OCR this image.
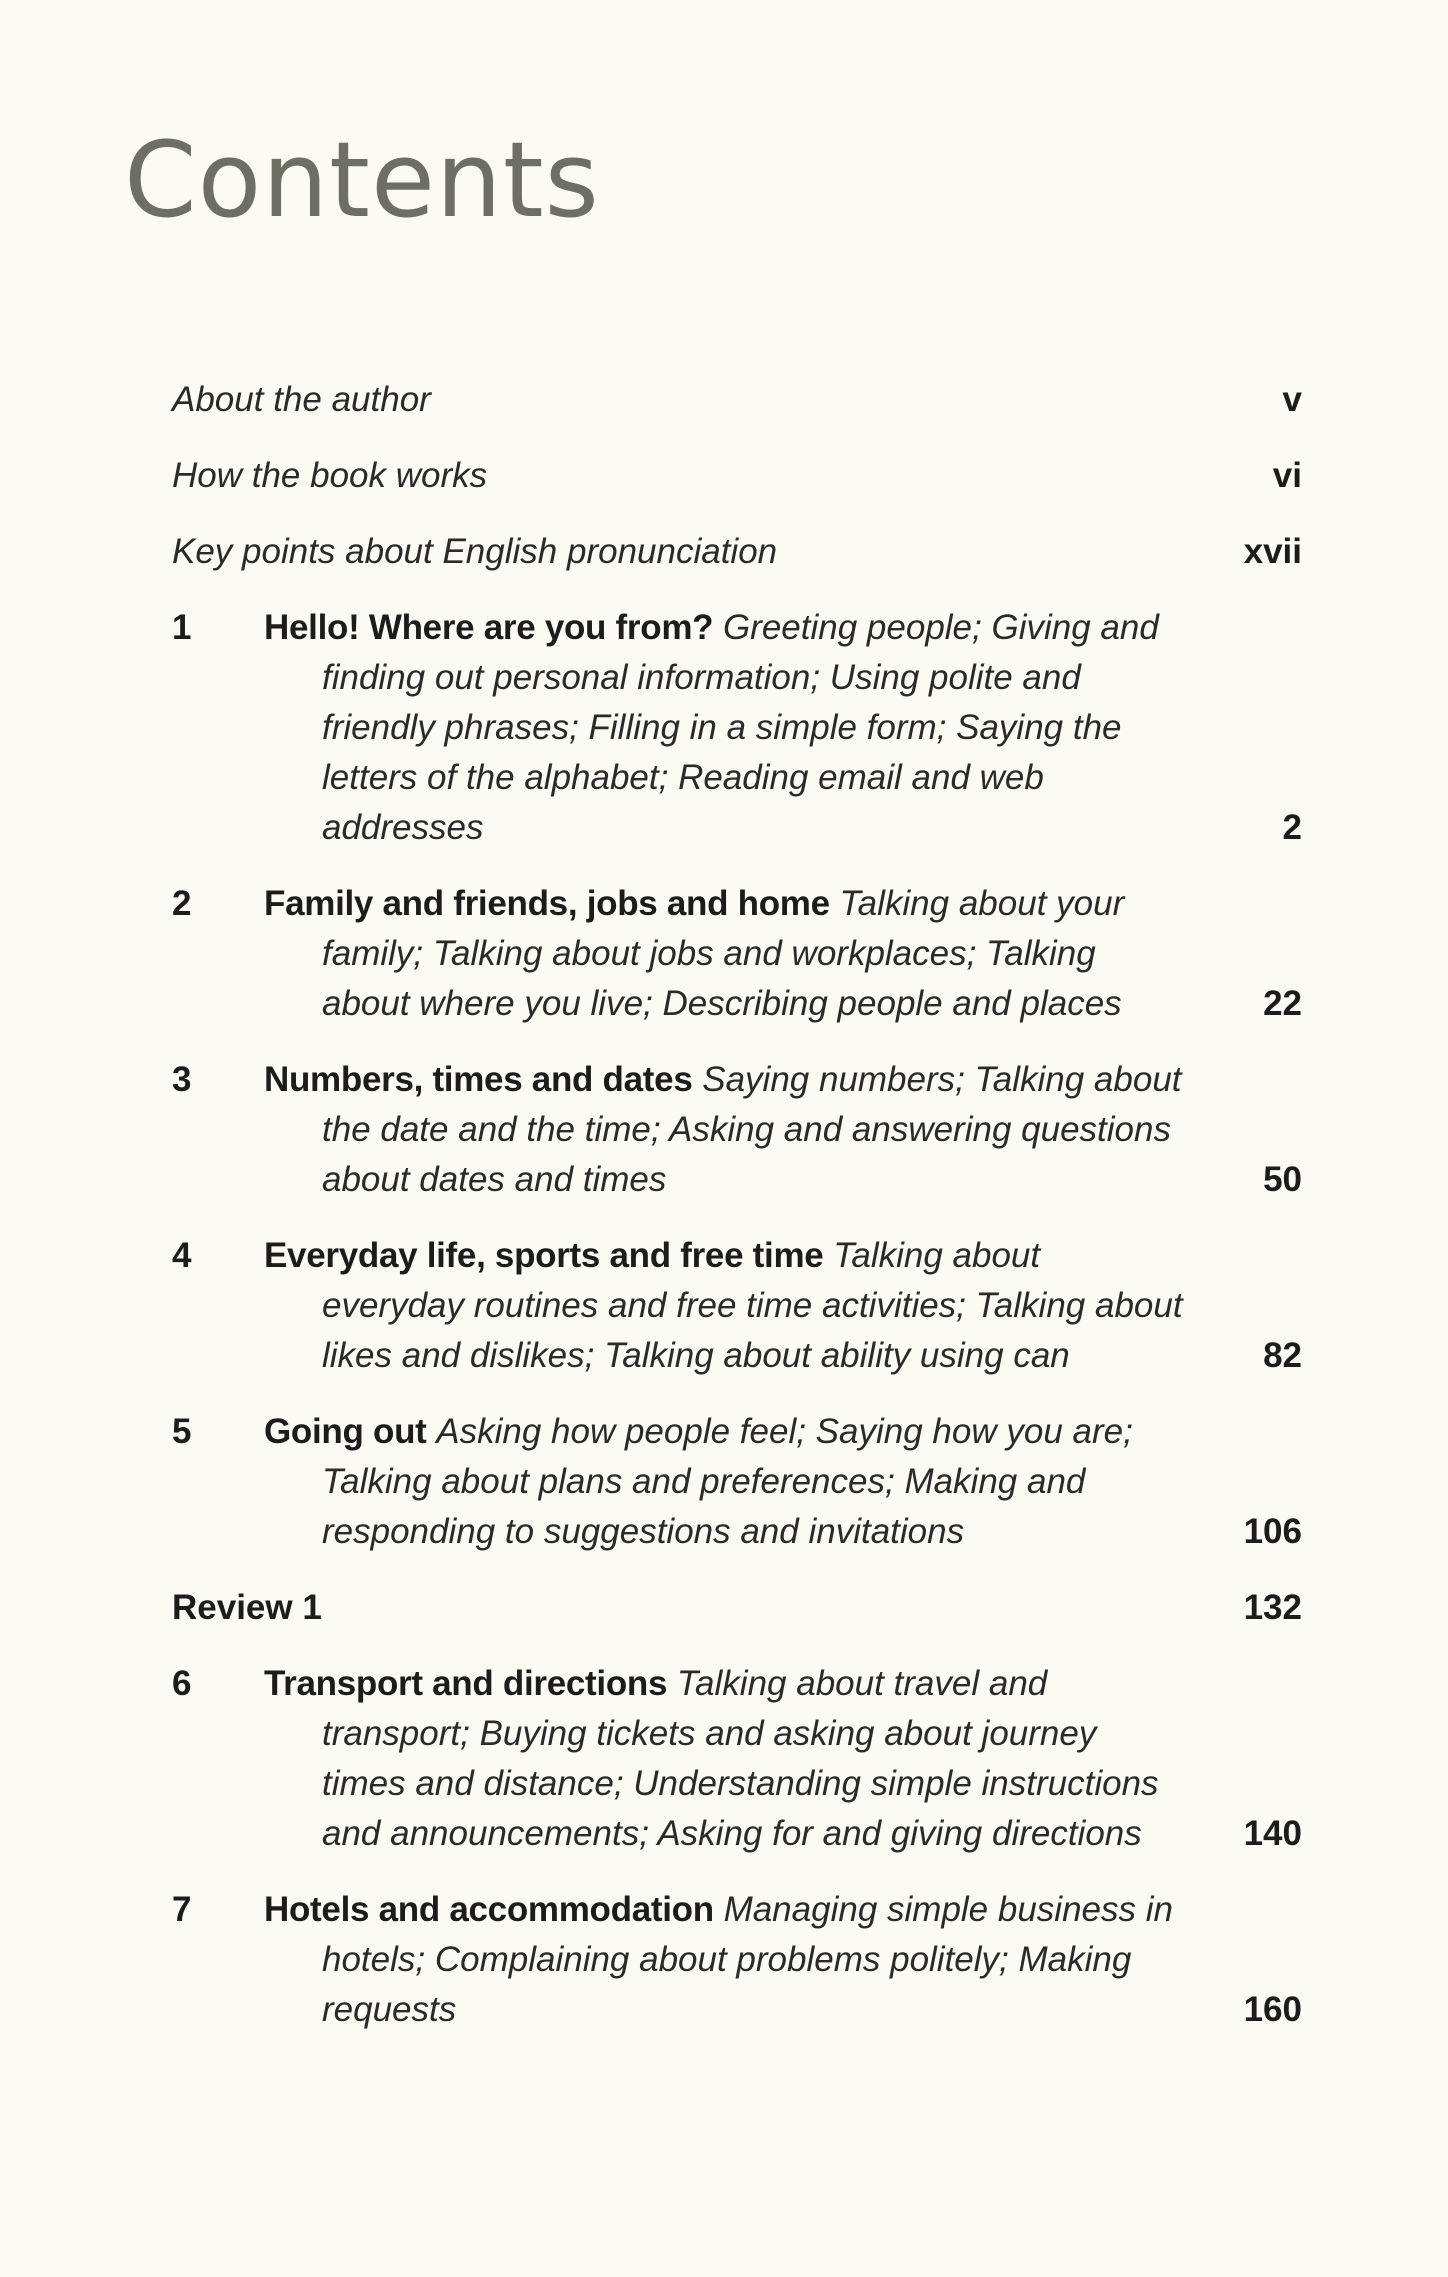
Contents
About the author	v
How the book works	vi
Key points about English pronunciation	xvii
1 Hello! Where are you from? Greeting people; Giving and finding out personal information; Using polite and friendly phrases; Filling in a simple form; Saying the letters of the alphabet; Reading email and web addresses	2
2 Family and friends, jobs and home Talking about your family; Talking about jobs and workplaces; Talking about where you live; Describing people and places	22
3 Numbers, times and dates Saying numbers; Talking about the date and the time; Asking and answering questions about dates and times	50
4 Everyday life, sports and free time Talking about everyday routines and free time activities; Talking about likes and dislikes; Talking about ability using can	82
5 Going out Asking how people feel; Saying how you are; Talking about plans and preferences; Making and responding to suggestions and invitations	106
Review 1	132
6 Transport and directions Talking about travel and transport; Buying tickets and asking about journey times and distance; Understanding simple instructions and announcements; Asking for and giving directions	140
7 Hotels and accommodation Managing simple business in hotels; Complaining about problems politely; Making requests	160
